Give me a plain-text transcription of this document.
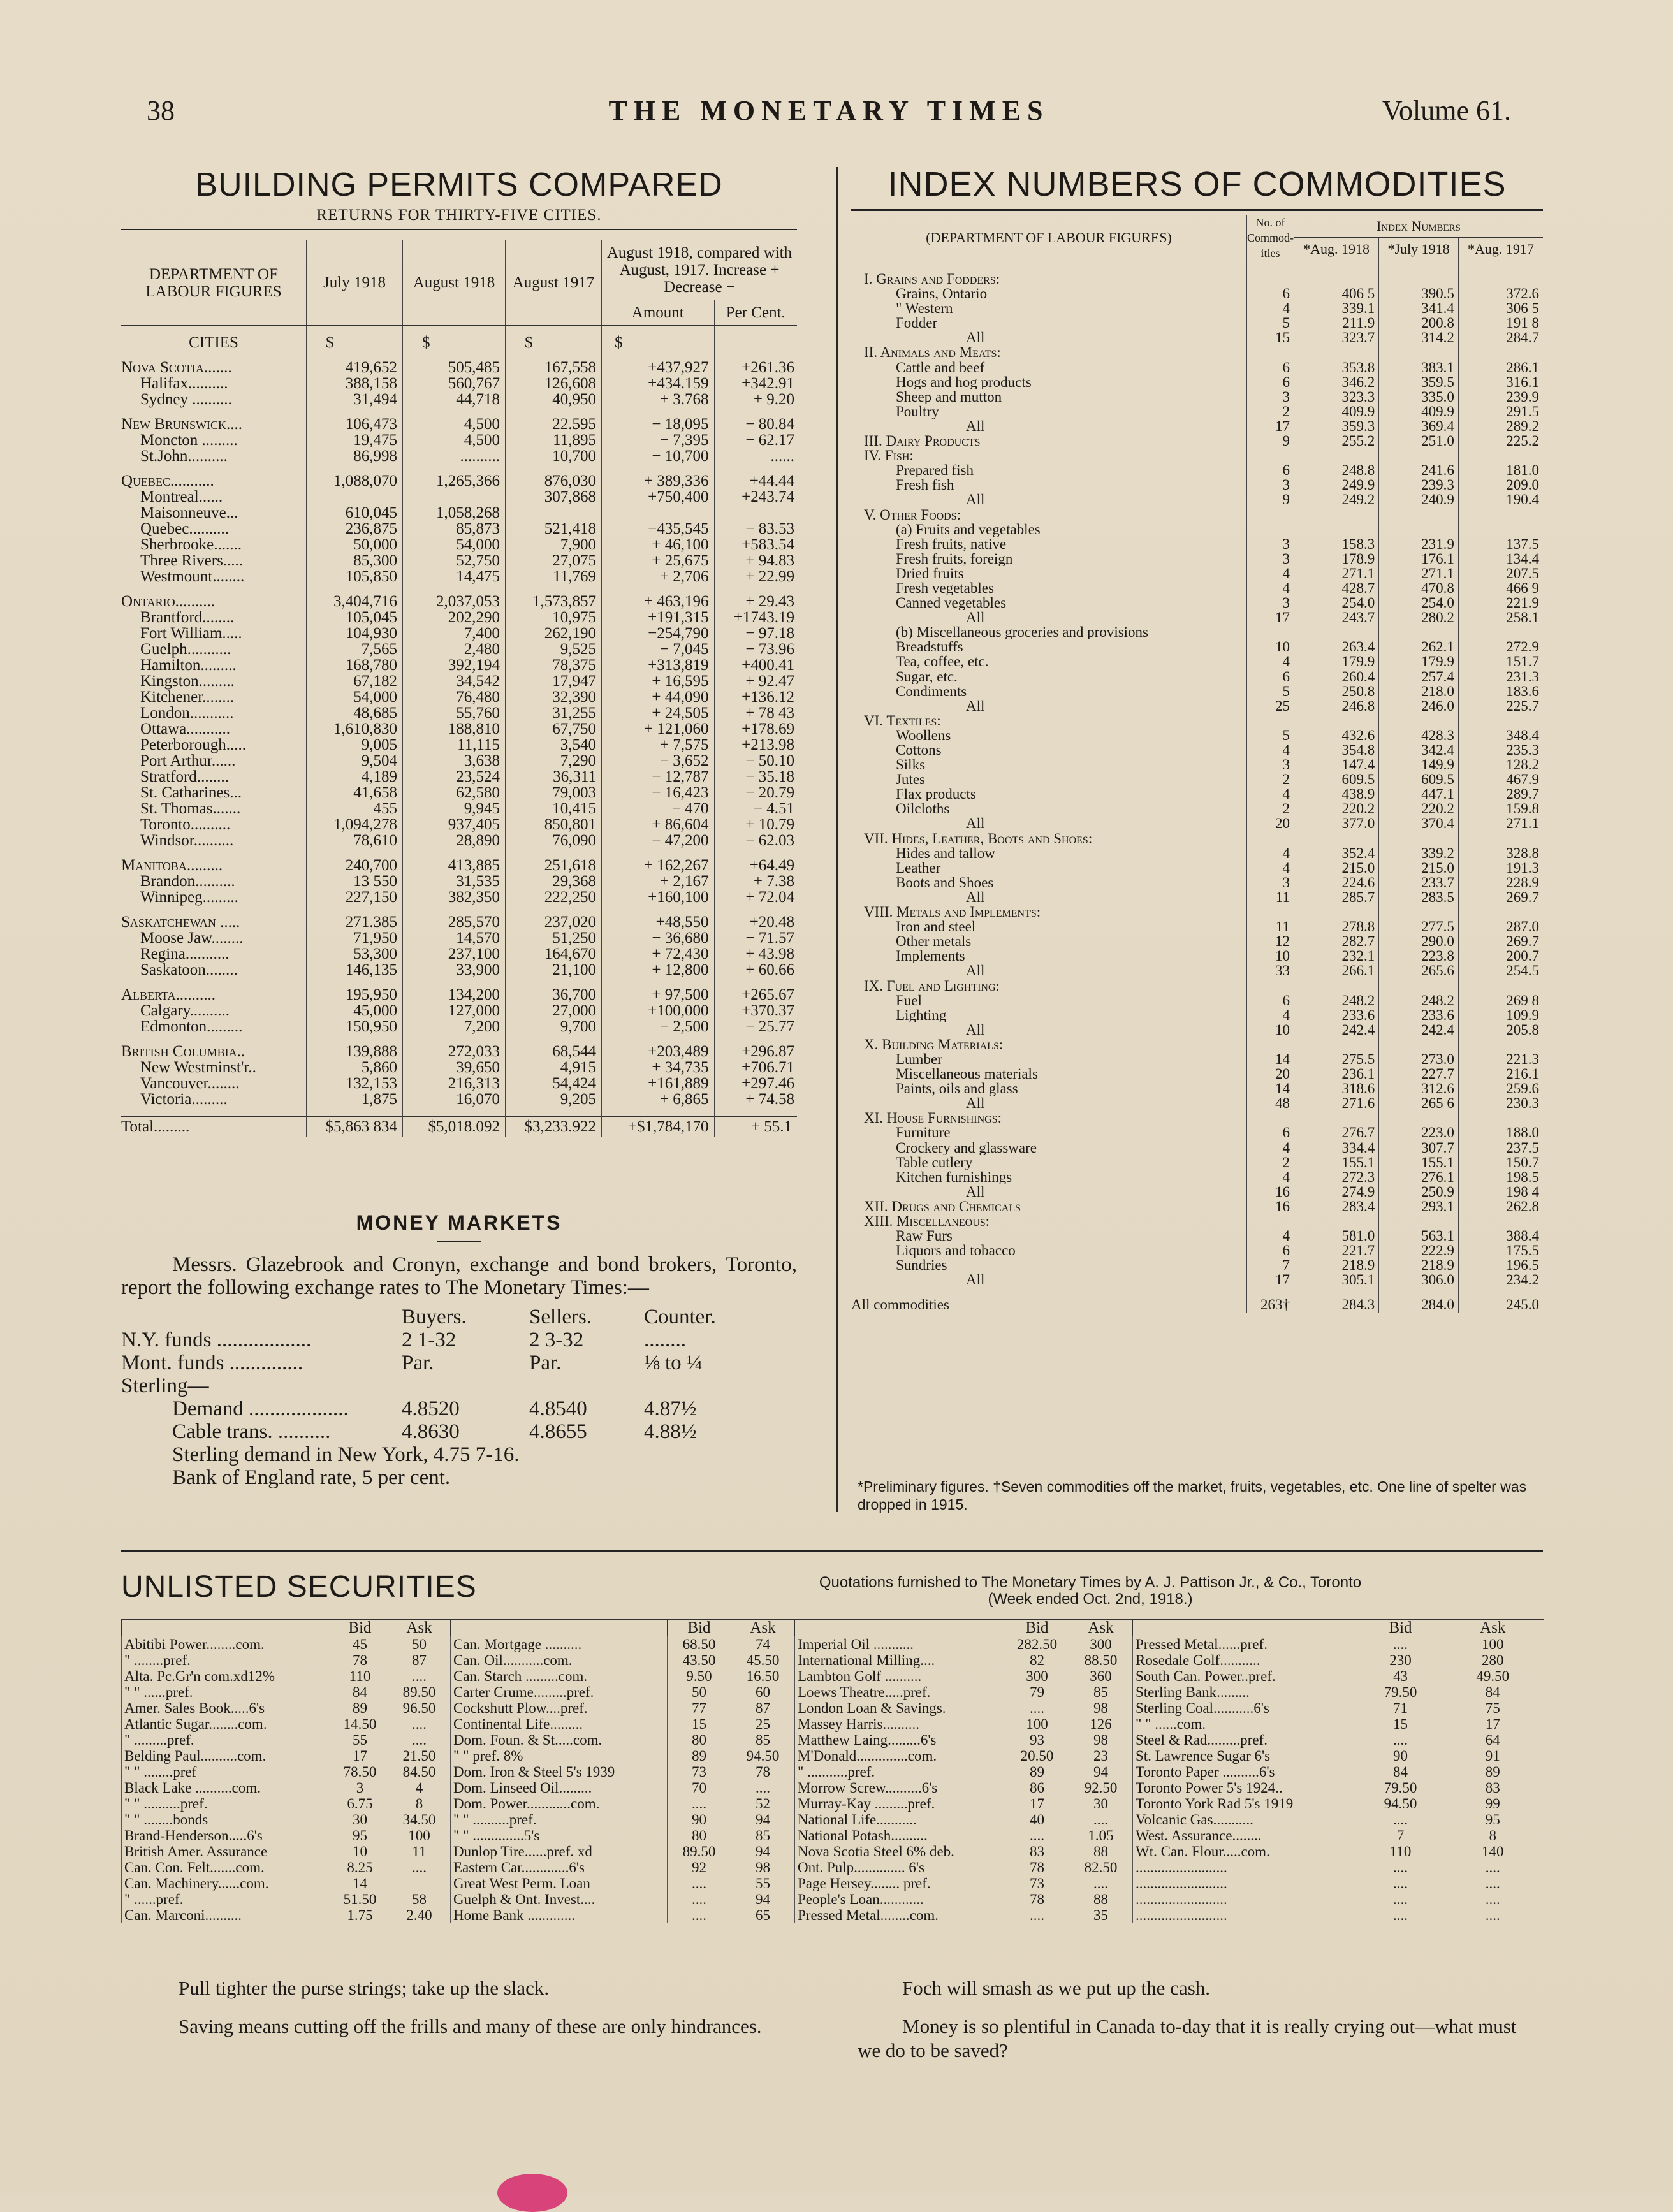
38	THE MONETARY TIMES	Volume 61.
BUILDING PERMITS COMPARED
RETURNS FOR THIRTY-FIVE CITIES.
DEPARTMENT OF LABOUR FIGURES	July 1918	August 1918	August 1917	August 1918, compared with August, 1917. Increase + Decrease −	
				Amount	Per Cent.
CITIES	$	$	$	$	

Nova Scotia.......	419,652	505,485	167,558	+437,927	+261.36
Halifax..........	388,158	560,767	126,608	+434.159	+342.91
Sydney ..........	31,494	44,718	40,950	+ 3.768	+ 9.20

New Brunswick....	106,473	4,500	22.595	− 18,095	− 80.84
Moncton .........	19,475	4,500	11,895	− 7,395	− 62.17
St.John..........	86,998	..........	10,700	− 10,700	......

Quebec...........	1,088,070	1,265,366	876,030	+ 389,336	+44.44
Montreal......			307,868	+750,400	+243.74
Maisonneuve...	610,045	1,058,268			
Quebec..........	236,875	85,873	521,418	−435,545	− 83.53
Sherbrooke.......	50,000	54,000	7,900	+ 46,100	+583.54
Three Rivers.....	85,300	52,750	27,075	+ 25,675	+ 94.83
Westmount........	105,850	14,475	11,769	+ 2,706	+ 22.99

Ontario..........	3,404,716	2,037,053	1,573,857	+ 463,196	+ 29.43
Brantford........	105,045	202,290	10,975	+191,315	+1743.19
Fort William.....	104,930	7,400	262,190	−254,790	− 97.18
Guelph...........	7,565	2,480	9,525	− 7,045	− 73.96
Hamilton.........	168,780	392,194	78,375	+313,819	+400.41
Kingston.........	67,182	34,542	17,947	+ 16,595	+ 92.47
Kitchener........	54,000	76,480	32,390	+ 44,090	+136.12
London...........	48,685	55,760	31,255	+ 24,505	+ 78 43
Ottawa...........	1,610,830	188,810	67,750	+ 121,060	+178.69
Peterborough.....	9,005	11,115	3,540	+ 7,575	+213.98
Port Arthur......	9,504	3,638	7,290	− 3,652	− 50.10
Stratford........	4,189	23,524	36,311	− 12,787	− 35.18
St. Catharines...	41,658	62,580	79,003	− 16,423	− 20.79
St. Thomas.......	455	9,945	10,415	− 470	− 4.51
Toronto..........	1,094,278	937,405	850,801	+ 86,604	+ 10.79
Windsor..........	78,610	28,890	76,090	− 47,200	− 62.03

Manitoba.........	240,700	413,885	251,618	+ 162,267	+64.49
Brandon..........	13 550	31,535	29,368	+ 2,167	+ 7.38
Winnipeg.........	227,150	382,350	222,250	+160,100	+ 72.04

Saskatchewan .....	271.385	285,570	237,020	+48,550	+20.48
Moose Jaw........	71,950	14,570	51,250	− 36,680	− 71.57
Regina...........	53,300	237,100	164,670	+ 72,430	+ 43.98
Saskatoon........	146,135	33,900	21,100	+ 12,800	+ 60.66

Alberta..........	195,950	134,200	36,700	+ 97,500	+265.67
Calgary..........	45,000	127,000	27,000	+100,000	+370.37
Edmonton.........	150,950	7,200	9,700	− 2,500	− 25.77

British Columbia..	139,888	272,033	68,544	+203,489	+296.87
New Westminst'r..	5,860	39,650	4,915	+ 34,735	+706.71
Vancouver........	132,153	216,313	54,424	+161,889	+297.46
Victoria.........	1,875	16,070	9,205	+ 6,865	+ 74.58

Total.........	$5,863 834	$5,018.092	$3,233.922	+$1,784,170	+ 55.1
MONEY MARKETS

Messrs. Glazebrook and Cronyn, exchange and bond brokers, Toronto, report the following exchange rates to The Monetary Times:—

	Buyers.	Sellers.	Counter.
N.Y. funds ..................	2 1-32	2 3-32	........
Mont. funds ..............	Par.	Par.	⅛ to ¼
Sterling—			
Demand ...................	4.8520	4.8540	4.87½
Cable trans. ..........	4.8630	4.8655	4.88½
Sterling demand in New York, 4.75 7-16.
Bank of England rate, 5 per cent.
INDEX NUMBERS OF COMMODITIES
(DEPARTMENT OF LABOUR FIGURES)	No. of Commod-ities	Index Numbers		
		*Aug. 1918	*July 1918	*Aug. 1917

I. Grains and Fodders:				
Grains, Ontario	6	406 5	390.5	372.6
" Western	4	339.1	341.4	306 5
Fodder	5	211.9	200.8	191 8
All	15	323.7	314.2	284.7
II. Animals and Meats:				
Cattle and beef	6	353.8	383.1	286.1
Hogs and hog products	6	346.2	359.5	316.1
Sheep and mutton	3	323.3	335.0	239.9
Poultry	2	409.9	409.9	291.5
All	17	359.3	369.4	289.2
III. Dairy Products	9	255.2	251.0	225.2
IV. Fish:				
Prepared fish	6	248.8	241.6	181.0
Fresh fish	3	249.9	239.3	209.0
All	9	249.2	240.9	190.4
V. Other Foods:				
(a) Fruits and vegetables				
Fresh fruits, native	3	158.3	231.9	137.5
Fresh fruits, foreign	3	178.9	176.1	134.4
Dried fruits	4	271.1	271.1	207.5
Fresh vegetables	4	428.7	470.8	466 9
Canned vegetables	3	254.0	254.0	221.9
All	17	243.7	280.2	258.1
(b) Miscellaneous groceries and provisions				
Breadstuffs	10	263.4	262.1	272.9
Tea, coffee, etc.	4	179.9	179.9	151.7
Sugar, etc.	6	260.4	257.4	231.3
Condiments	5	250.8	218.0	183.6
All	25	246.8	246.0	225.7
VI. Textiles:				
Woollens	5	432.6	428.3	348.4
Cottons	4	354.8	342.4	235.3
Silks	3	147.4	149.9	128.2
Jutes	2	609.5	609.5	467.9
Flax products	4	438.9	447.1	289.7
Oilcloths	2	220.2	220.2	159.8
All	20	377.0	370.4	271.1
VII. Hides, Leather, Boots and Shoes:				
Hides and tallow	4	352.4	339.2	328.8
Leather	4	215.0	215.0	191.3
Boots and Shoes	3	224.6	233.7	228.9
All	11	285.7	283.5	269.7
VIII. Metals and Implements:				
Iron and steel	11	278.8	277.5	287.0
Other metals	12	282.7	290.0	269.7
Implements	10	232.1	223.8	200.7
All	33	266.1	265.6	254.5
IX. Fuel and Lighting:				
Fuel	6	248.2	248.2	269 8
Lighting	4	233.6	233.6	109.9
All	10	242.4	242.4	205.8
X. Building Materials:				
Lumber	14	275.5	273.0	221.3
Miscellaneous materials	20	236.1	227.7	216.1
Paints, oils and glass	14	318.6	312.6	259.6
All	48	271.6	265 6	230.3
XI. House Furnishings:				
Furniture	6	276.7	223.0	188.0
Crockery and glassware	4	334.4	307.7	237.5
Table cutlery	2	155.1	155.1	150.7
Kitchen furnishings	4	272.3	276.1	198.5
All	16	274.9	250.9	198 4
XII. Drugs and Chemicals	16	283.4	293.1	262.8
XIII. Miscellaneous:				
Raw Furs	4	581.0	563.1	388.4
Liquors and tobacco	6	221.7	222.9	175.5
Sundries	7	218.9	218.9	196.5
All	17	305.1	306.0	234.2

All commodities	263†	284.3	284.0	245.0
*Preliminary figures. †Seven commodities off the market, fruits, vegetables, etc. One line of spelter was dropped in 1915.
UNLISTED SECURITIES	Quotations furnished to The Monetary Times by A. J. Pattison Jr., & Co., Toronto
(Week ended Oct. 2nd, 1918.)
	Bid	Ask		Bid	Ask		Bid	Ask		Bid	Ask
Abitibi Power........com.	45	50	Can. Mortgage ..........	68.50	74	Imperial Oil ...........	282.50	300	Pressed Metal......pref.	....	100
" ........pref.	78	87	Can. Oil...........com.	43.50	45.50	International Milling....	82	88.50	Rosedale Golf...........	230	280
Alta. Pc.Gr'n com.xd12%	110	....	Can. Starch .........com.	9.50	16.50	Lambton Golf ..........	300	360	South Can. Power..pref.	43	49.50
" " ......pref.	84	89.50	Carter Crume.........pref.	50	60	Loews Theatre.....pref.	79	85	Sterling Bank.........	79.50	84
Amer. Sales Book.....6's	89	96.50	Cockshutt Plow....pref.	77	87	London Loan & Savings.	....	98	Sterling Coal...........6's	71	75
Atlantic Sugar........com.	14.50	....	Continental Life.........	15	25	Massey Harris..........	100	126	" " ......com.	15	17
" .........pref.	55	....	Dom. Foun. & St.....com.	80	85	Matthew Laing.........6's	93	98	Steel & Rad.........pref.	....	64
Belding Paul..........com.	17	21.50	" " pref. 8%	89	94.50	M'Donald..............com.	20.50	23	St. Lawrence Sugar 6's	90	91
" " ........pref	78.50	84.50	Dom. Iron & Steel 5's 1939	73	78	" ...........pref.	89	94	Toronto Paper ..........6's	84	89
Black Lake ..........com.	3	4	Dom. Linseed Oil.........	70	....	Morrow Screw..........6's	86	92.50	Toronto Power 5's 1924..	79.50	83
" " ..........pref.	6.75	8	Dom. Power............com.	....	52	Murray-Kay .........pref.	17	30	Toronto York Rad 5's 1919	94.50	99
" " ........bonds	30	34.50	" " ..........pref.	90	94	National Life...........	40	....	Volcanic Gas...........	....	95
Brand-Henderson.....6's	95	100	" " ..............5's	80	85	National Potash..........	....	1.05	West. Assurance........	7	8
British Amer. Assurance	10	11	Dunlop Tire......pref. xd	89.50	94	Nova Scotia Steel 6% deb.	83	88	Wt. Can. Flour.....com.	110	140
Can. Con. Felt.......com.	8.25	....	Eastern Car.............6's	92	98	Ont. Pulp.............. 6's	78	82.50	.........................	....	....
Can. Machinery......com.	14		Great West Perm. Loan	....	55	Page Hersey........ pref.	73	....	.........................	....	....
" ......pref.	51.50	58	Guelph & Ont. Invest....	....	94	People's Loan............	78	88	.........................	....	....
Can. Marconi..........	1.75	2.40	Home Bank .............	....	65	Pressed Metal........com.	....	35	.........................	....	....

Pull tighter the purse strings; take up the slack.

Saving means cutting off the frills and many of these are only hindrances.

Foch will smash as we put up the cash.

Money is so plentiful in Canada to-day that it is really crying out—what must we do to be saved?
